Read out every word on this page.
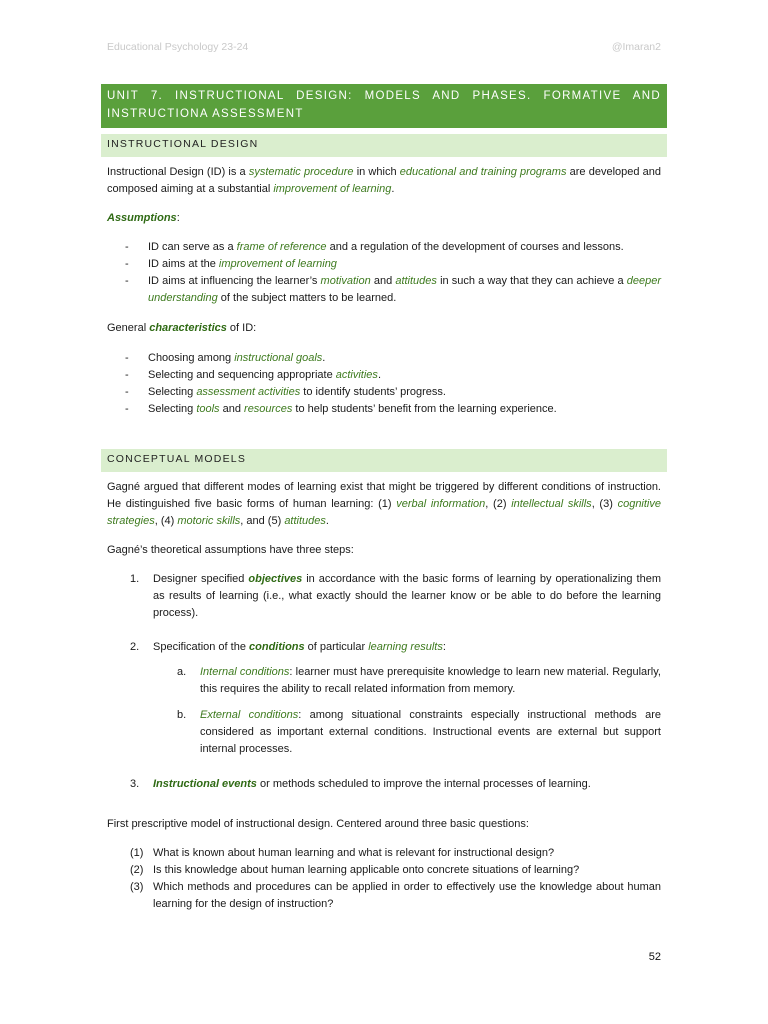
Educational Psychology 23-24	@Imaran2
UNIT 7. INSTRUCTIONAL DESIGN: MODELS AND PHASES. FORMATIVE AND INSTRUCTIONA ASSESSMENT
INSTRUCTIONAL DESIGN

Instructional Design (ID) is a systematic procedure in which educational and training programs are developed and composed aiming at a substantial improvement of learning.

Assumptions:

- ID can serve as a frame of reference and a regulation of the development of courses and lessons.
- ID aims at the improvement of learning
- ID aims at influencing the learner’s motivation and attitudes in such a way that they can achieve a deeper understanding of the subject matters to be learned.

General characteristics of ID:

- Choosing among instructional goals.
- Selecting and sequencing appropriate activities.
- Selecting assessment activities to identify students’ progress.
- Selecting tools and resources to help students’ benefit from the learning experience.
CONCEPTUAL MODELS

Gagné argued that different modes of learning exist that might be triggered by different conditions of instruction. He distinguished five basic forms of human learning: (1) verbal information, (2) intellectual skills, (3) cognitive strategies, (4) motoric skills, and (5) attitudes.

Gagné’s theoretical assumptions have three steps:

1. Designer specified objectives in accordance with the basic forms of learning by operationalizing them as results of learning (i.e., what exactly should the learner know or be able to do before the learning process).
2. Specification of the conditions of particular learning results:
a. Internal conditions: learner must have prerequisite knowledge to learn new material. Regularly, this requires the ability to recall related information from memory.
b. External conditions: among situational constraints especially instructional methods are considered as important external conditions. Instructional events are external but support internal processes.
3. Instructional events or methods scheduled to improve the internal processes of learning.

First prescriptive model of instructional design. Centered around three basic questions:

(1) What is known about human learning and what is relevant for instructional design?
(2) Is this knowledge about human learning applicable onto concrete situations of learning?
(3) Which methods and procedures can be applied in order to effectively use the knowledge about human learning for the design of instruction?
52
